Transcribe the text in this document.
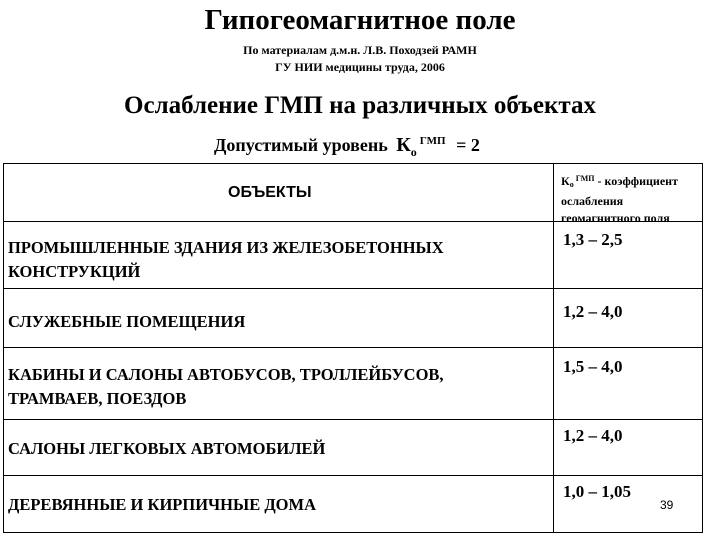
Гипогеомагнитное поле
По материалам д.м.н. Л.В. Походзей РАМН
ГУ НИИ медицины труда, 2006
Ослабление ГМП на различных объектах
Допустимый уровень $К_о^{ГМП} = 2$
ОБЪЕКТЫ
$К_о^{ГМП}$ - коэффициент
ослабления
геомагнитного поля
ПРОМЫШЛЕННЫЕ ЗДАНИЯ ИЗ ЖЕЛЕЗОБЕТОННЫХ
КОНСТРУКЦИЙ
1,3 – 2,5
СЛУЖЕБНЫЕ ПОМЕЩЕНИЯ
1,2 – 4,0
КАБИНЫ И САЛОНЫ АВТОБУСОВ, ТРОЛЛЕЙБУСОВ,
ТРАМВАЕВ, ПОЕЗДОВ
1,5 – 4,0
САЛОНЫ ЛЕГКОВЫХ АВТОМОБИЛЕЙ
1,2 – 4,0
ДЕРЕВЯННЫЕ И КИРПИЧНЫЕ ДОМА
1,0 – 1,05
39
